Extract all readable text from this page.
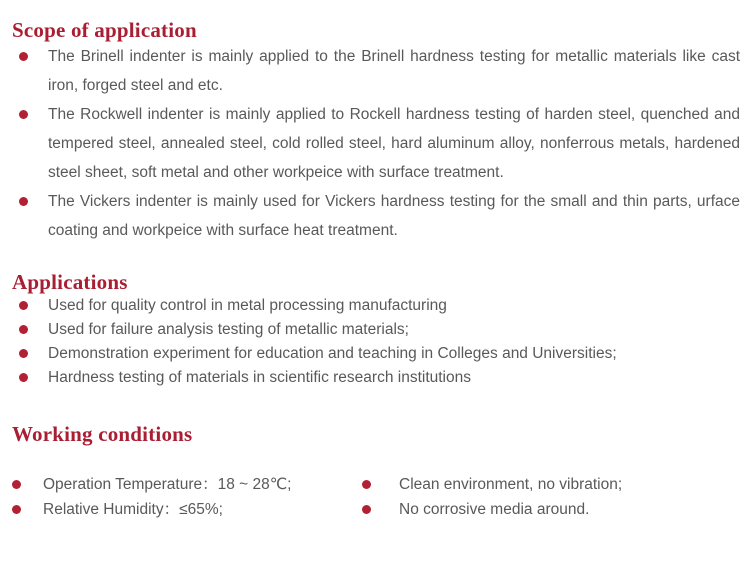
Scope of application
The Brinell indenter is mainly applied to the Brinell hardness testing for metallic materials like cast iron, forged steel and etc.
The Rockwell indenter is mainly applied to Rockell hardness testing of harden steel, quenched and tempered steel, annealed steel, cold rolled steel, hard aluminum alloy, nonferrous metals, hardened steel sheet, soft metal and other workpeice with surface treatment.
The Vickers indenter is mainly used for Vickers hardness testing for the small and thin parts, urface coating and workpeice with surface heat treatment.
Applications
Used for quality control in metal processing manufacturing
Used for failure analysis testing of metallic materials;
Demonstration experiment for education and teaching in Colleges and Universities;
Hardness testing of materials in scientific research institutions
Working conditions
Operation Temperature：18 ~ 28℃;
Relative Humidity：≤65%;
Clean environment, no vibration;
No corrosive media around.
